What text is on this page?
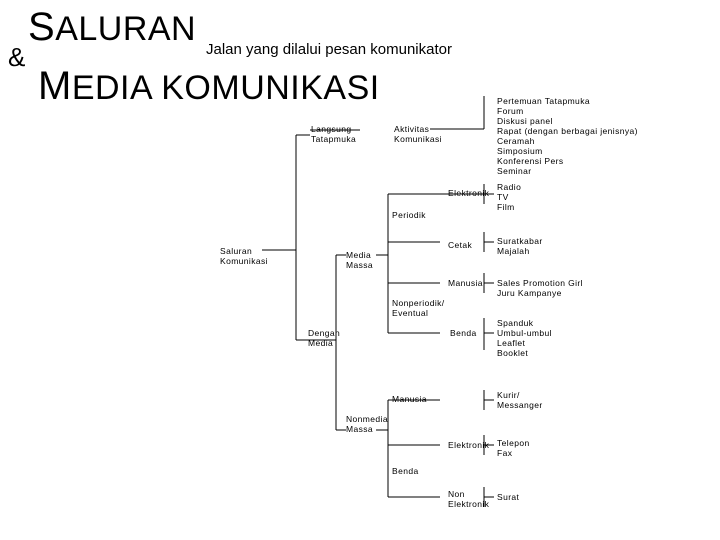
SALURAN
&
MEDIA KOMUNIKASI
Jalan yang dilalui pesan komunikator
Saluran
Komunikasi
Langsung
Tatapmuka
Aktivitas
Komunikasi
Pertemuan Tatapmuka
Forum
Diskusi panel
Rapat (dengan berbagai jenisnya)
Ceramah
Simposium
Konferensi Pers
Seminar
Dengan
Media
Media
Massa
Periodik
Elektronik
Radio
TV
Film
Cetak	Suratkabar
Majalah
Manusia Sales Promotion Girl
Juru Kampanye
Nonperiodik/
Eventual
Benda
Spanduk
Umbul-umbul
Leaflet
Booklet
Nonmedia
Massa
Manusia	Kurir/
Messanger
Elektronik Telepon
Fax
Benda
Non
Elektronik
Surat
